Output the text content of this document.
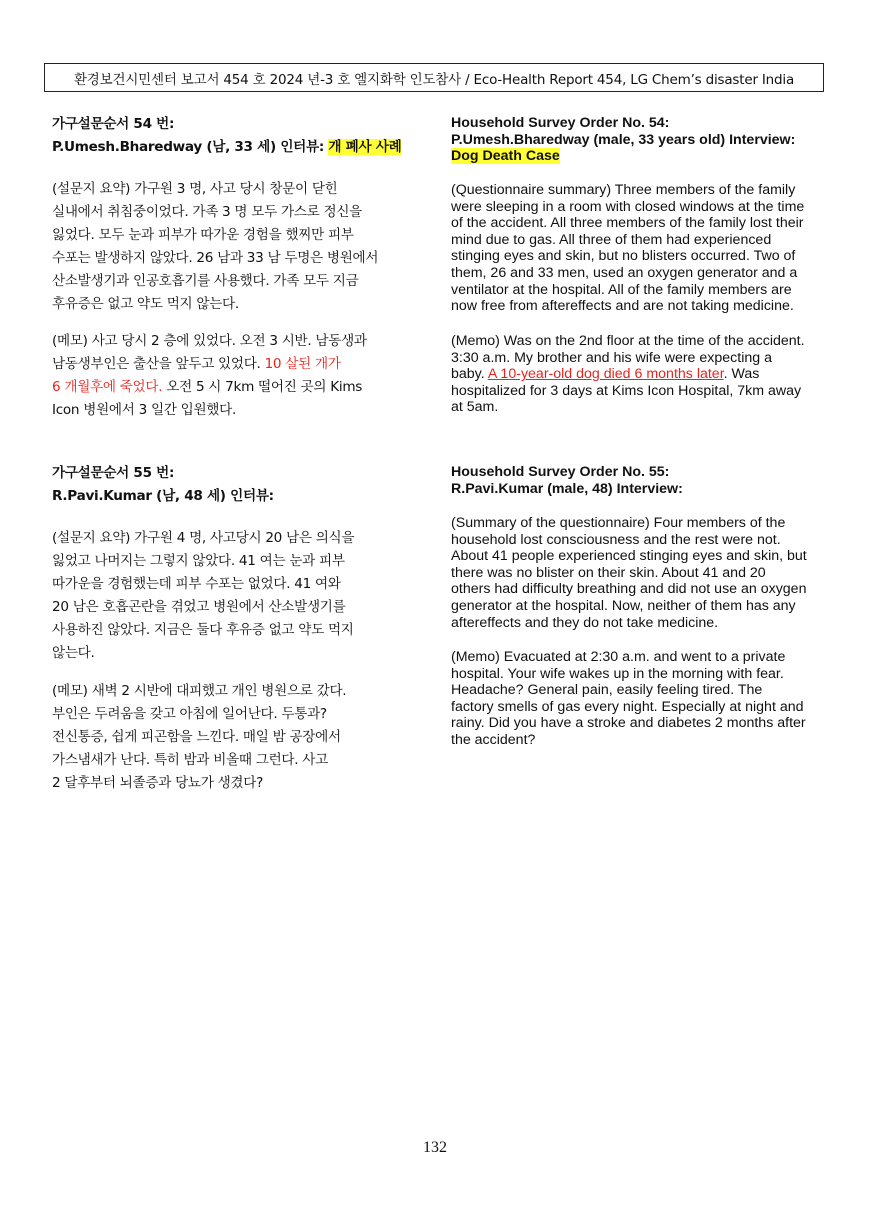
환경보건시민센터 보고서 454 호 2024 년-3 호 엘지화학 인도참사 / Eco-Health Report 454, LG Chem’s disaster India
가구설문순서 54 번:
P.Umesh.Bharedway (남, 33 세) 인터뷰: 개 폐사 사례
(설문지 요약) 가구원 3 명, 사고 당시 창문이 닫힌
실내에서 취침중이었다. 가족 3 명 모두 가스로 정신을
잃었다. 모두 눈과 피부가 따가운 경험을 했찌만 피부
수포는 발생하지 않았다. 26 남과 33 남 두명은 병원에서
산소발생기과 인공호흡기를 사용했다. 가족 모두 지금
후유증은 없고 약도 먹지 않는다.
(메모) 사고 당시 2 층에 있었다. 오전 3 시반. 남동생과
남동생부인은 출산을 앞두고 있었다. 10 살된 개가
6 개월후에 죽었다. 오전 5 시 7km 떨어진 곳의 Kims
Icon 병원에서 3 일간 입원했다.
가구설문순서 55 번:
R.Pavi.Kumar (남, 48 세) 인터뷰:
(설문지 요약) 가구원 4 명, 사고당시 20 남은 의식을
잃었고 나머지는 그렇지 않았다. 41 여는 눈과 피부
따가운을 경험했는데 피부 수포는 없었다. 41 여와
20 남은 호흡곤란을 겪었고 병원에서 산소발생기를
사용하진 않았다. 지금은 둘다 후유증 없고 약도 먹지
않는다.
(메모) 새벽 2 시반에 대피했고 개인 병원으로 갔다.
부인은 두려움을 갖고 아침에 일어난다. 두통과?
전신통증, 쉽게 피곤함을 느낀다. 매일 밤 공장에서
가스냄새가 난다. 특히 밤과 비올때 그런다. 사고
2 달후부터 뇌졸증과 당뇨가 생겼다?
Household Survey Order No. 54:
P.Umesh.Bharedway (male, 33 years old) Interview:
Dog Death Case
(Questionnaire summary) Three members of the family
were sleeping in a room with closed windows at the time
of the accident. All three members of the family lost their
mind due to gas. All three of them had experienced
stinging eyes and skin, but no blisters occurred. Two of
them, 26 and 33 men, used an oxygen generator and a
ventilator at the hospital. All of the family members are
now free from aftereffects and are not taking medicine.
(Memo) Was on the 2nd floor at the time of the accident.
3:30 a.m. My brother and his wife were expecting a
baby. A 10-year-old dog died 6 months later. Was
hospitalized for 3 days at Kims Icon Hospital, 7km away
at 5am.
Household Survey Order No. 55:
R.Pavi.Kumar (male, 48) Interview:
(Summary of the questionnaire) Four members of the
household lost consciousness and the rest were not.
About 41 people experienced stinging eyes and skin, but
there was no blister on their skin. About 41 and 20
others had difficulty breathing and did not use an oxygen
generator at the hospital. Now, neither of them has any
aftereffects and they do not take medicine.
(Memo) Evacuated at 2:30 a.m. and went to a private
hospital. Your wife wakes up in the morning with fear.
Headache? General pain, easily feeling tired. The
factory smells of gas every night. Especially at night and
rainy. Did you have a stroke and diabetes 2 months after
the accident?
132
